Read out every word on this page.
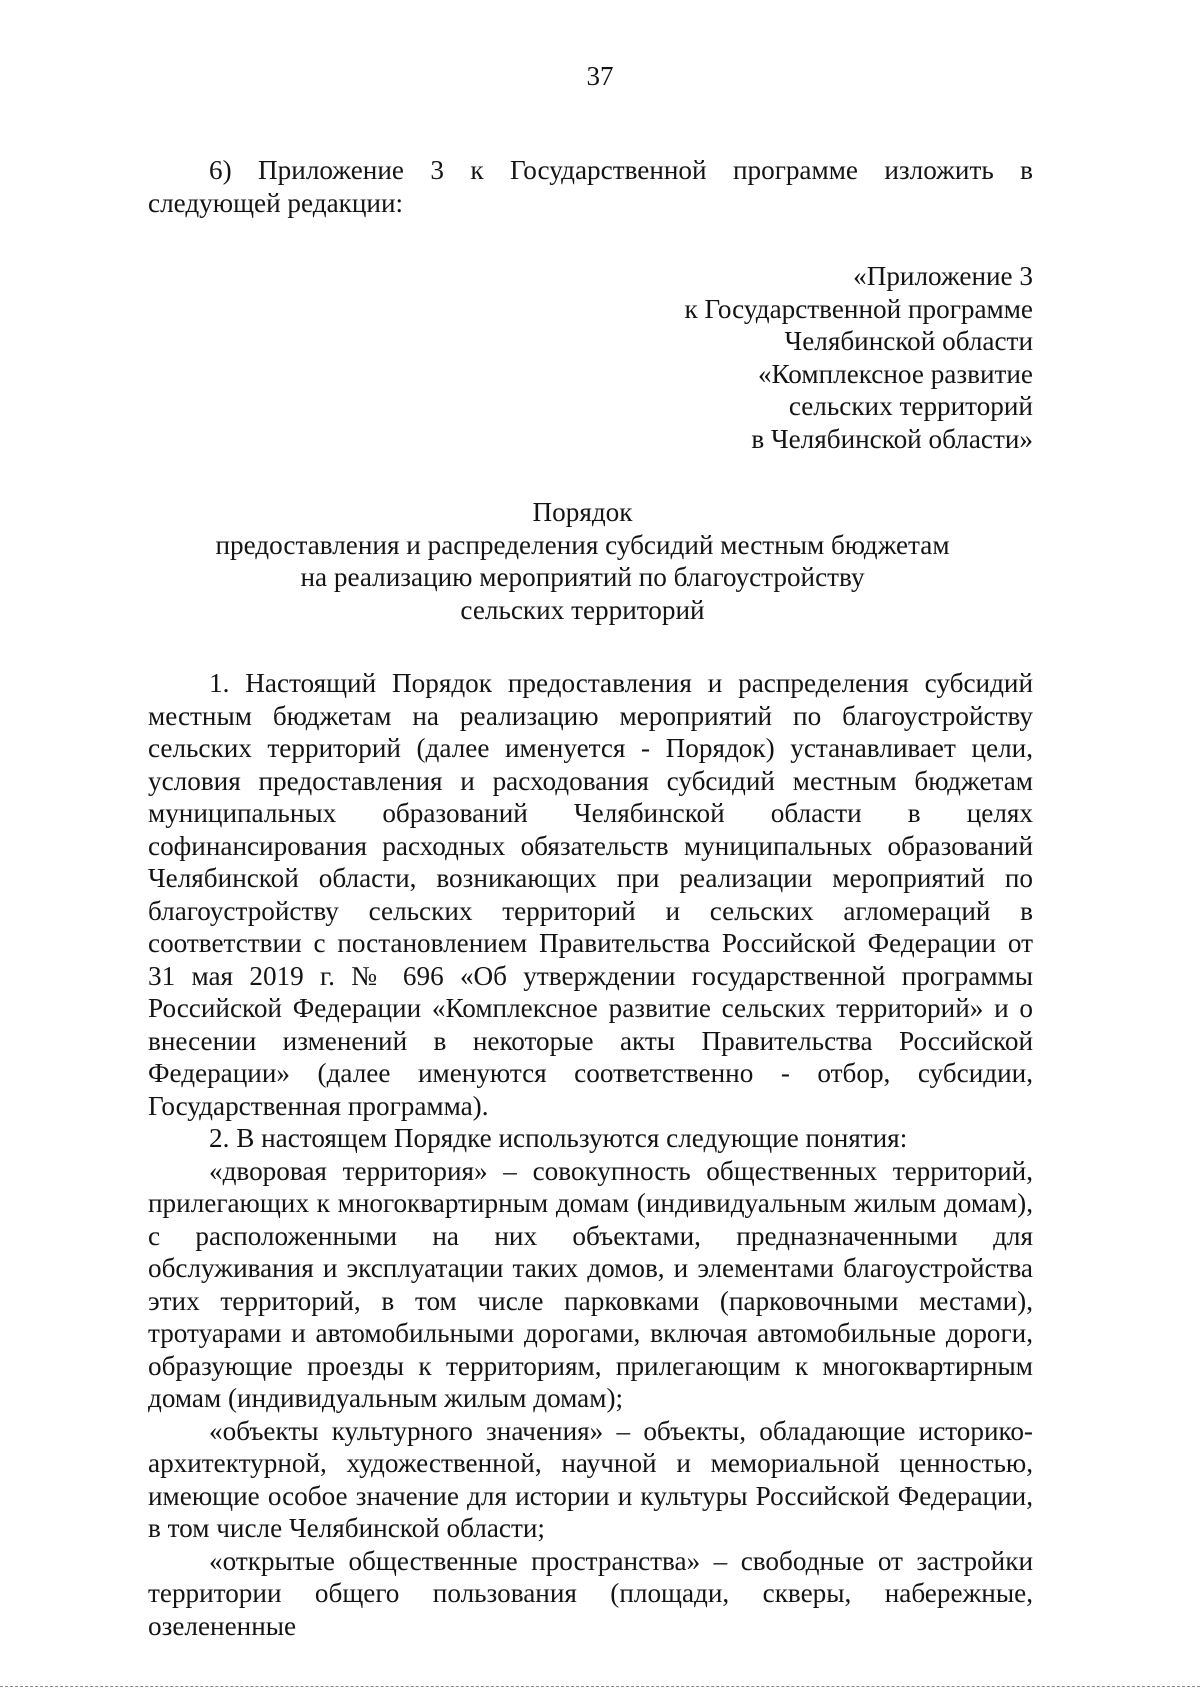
37

6) Приложение 3 к Государственной программе изложить в следующей редакции:

«Приложение 3
к Государственной программе
Челябинской области
«Комплексное развитие
сельских территорий
в Челябинской области»
Порядок
предоставления и распределения субсидий местным бюджетам
на реализацию мероприятий по благоустройству
сельских территорий

1. Настоящий Порядок предоставления и распределения субсидий местным бюджетам на реализацию мероприятий по благоустройству сельских территорий (далее именуется - Порядок) устанавливает цели, условия предоставления и расходования субсидий местным бюджетам муниципальных образований Челябинской области в целях софинансирования расходных обязательств муниципальных образований Челябинской области, возникающих при реализации мероприятий по благоустройству сельских территорий и сельских агломераций в соответствии с постановлением Правительства Российской Федерации от 31 мая 2019 г. № 696 «Об утверждении государственной программы Российской Федерации «Комплексное развитие сельских территорий» и о внесении изменений в некоторые акты Правительства Российской Федерации» (далее именуются соответственно - отбор, субсидии, Государственная программа).

2. В настоящем Порядке используются следующие понятия:

«дворовая территория» – совокупность общественных территорий, прилегающих к многоквартирным домам (индивидуальным жилым домам), с расположенными на них объектами, предназначенными для обслуживания и эксплуатации таких домов, и элементами благоустройства этих территорий, в том числе парковками (парковочными местами), тротуарами и автомобильными дорогами, включая автомобильные дороги, образующие проезды к территориям, прилегающим к многоквартирным домам (индивидуальным жилым домам);

«объекты культурного значения» – объекты, обладающие историко-архитектурной, художественной, научной и мемориальной ценностью, имеющие особое значение для истории и культуры Российской Федерации, в том числе Челябинской области;

«открытые общественные пространства» – свободные от застройки территории общего пользования (площади, скверы, набережные, озелененные
